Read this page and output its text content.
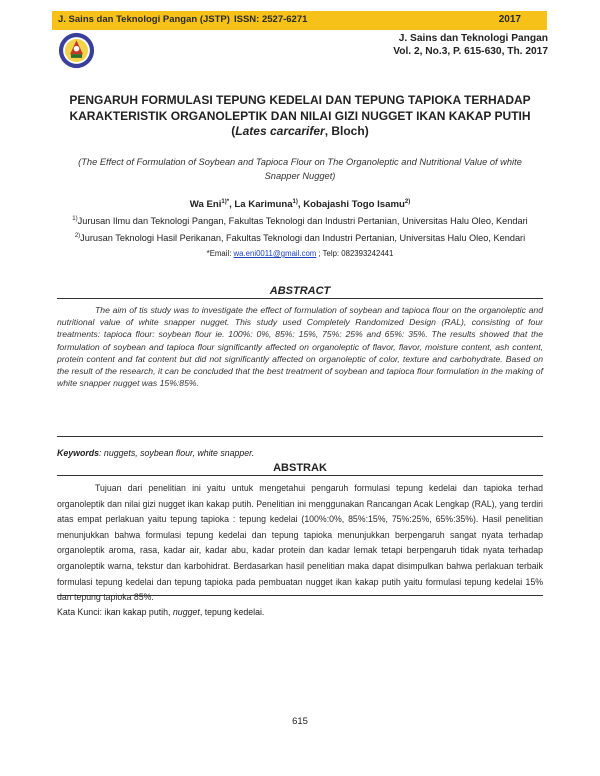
J. Sains dan Teknologi Pangan (JSTP) ISSN: 2527-6271	2017
J. Sains dan Teknologi Pangan
Vol. 2, No.3, P. 615-630, Th. 2017
PENGARUH FORMULASI TEPUNG KEDELAI DAN TEPUNG TAPIOKA TERHADAP KARAKTERISTIK ORGANOLEPTIK DAN NILAI GIZI NUGGET IKAN KAKAP PUTIH (Lates carcarifer, Bloch)
(The Effect of Formulation of Soybean and Tapioca Flour on The Organoleptic and Nutritional Value of white Snapper Nugget)
Wa Eni$^{1)*}$, La Karimuna$^{1)}$, Kobajashi Togo Isamu$^{2)}$
$^{1)}$Jurusan Ilmu dan Teknologi Pangan, Fakultas Teknologi dan Industri Pertanian, Universitas Halu Oleo, Kendari
$^{2)}$Jurusan Teknologi Hasil Perikanan, Fakultas Teknologi dan Industri Pertanian, Universitas Halu Oleo, Kendari
*Email: wa.eni0011@gmail.com ; Telp: 082393242441
ABSTRACT
The aim of tis study was to investigate the effect of formulation of soybean and tapioca flour on the organoleptic and nutritional value of white snapper nugget. This study used Completely Randomized Design (RAL), consisting of four treatments: tapioca flour: soybean flour ie. 100%: 0%, 85%: 15%, 75%: 25% and 65%: 35%. The results showed that the formulation of soybean and tapioca flour significantly affected on organoleptic of flavor, flavor, moisture content, ash content, protein content and fat content but did not significantly affected on organoleptic of color, texture and carbohydrate. Based on the result of the research, it can be concluded that the best treatment of soybean and tapioca flour formulation in the making of white snapper nugget was 15%:85%.
Keywords: nuggets, soybean flour, white snapper.
ABSTRAK
Tujuan dari penelitian ini yaitu untuk mengetahui pengaruh formulasi tepung kedelai dan tapioka terhad organoleptik dan nilai gizi nugget ikan kakap putih. Penelitian ini menggunakan Rancangan Acak Lengkap (RAL), yang terdiri atas empat perlakuan yaitu tepung tapioka : tepung kedelai (100%:0%, 85%:15%, 75%:25%, 65%:35%). Hasil penelitian menunjukkan bahwa formulasi tepung kedelai dan tepung tapioka menunjukkan berpengaruh sangat nyata terhadap organoleptik aroma, rasa, kadar air, kadar abu, kadar protein dan kadar lemak tetapi berpengaruh tidak nyata terhadap organoleptik warna, tekstur dan karbohidrat. Berdasarkan hasil penelitian maka dapat disimpulkan bahwa perlakuan terbaik formulasi tepung kedelai dan tepung tapioka pada pembuatan nugget ikan kakap putih yaitu formulasi tepung kedelai 15% dan tepung tapioka 85%.
Kata Kunci: ikan kakap putih, nugget, tepung kedelai.
615
